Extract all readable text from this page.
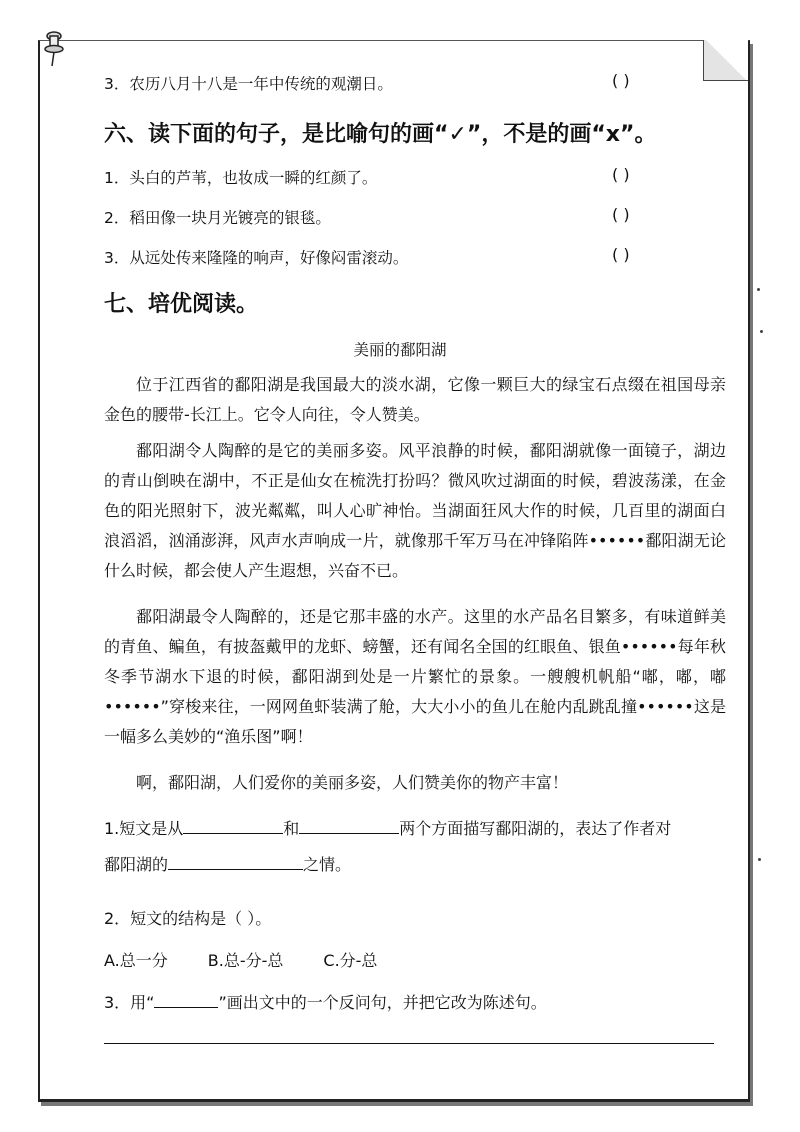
3．农历八月十八是一年中传统的观潮日。	( )
六、读下面的句子，是比喻句的画“✓”，不是的画“x”。
1．头白的芦苇，也妆成一瞬的红颜了。	( )
2．稻田像一块月光镀亮的银毯。	( )
3．从远处传来隆隆的响声，好像闷雷滚动。	( )
七、培优阅读。
美丽的鄱阳湖
位于江西省的鄱阳湖是我国最大的淡水湖，它像一颗巨大的绿宝石点缀在祖国母亲金色的腰带-长江上。它令人向往，令人赞美。
鄱阳湖令人陶醉的是它的美丽多姿。风平浪静的时候，鄱阳湖就像一面镜子，湖边的青山倒映在湖中，不正是仙女在梳洗打扮吗？微风吹过湖面的时候，碧波荡漾，在金色的阳光照射下，波光粼粼，叫人心旷神怡。当湖面狂风大作的时候，几百里的湖面白浪滔滔，汹涌澎湃，风声水声响成一片，就像那千军万马在冲锋陷阵••••••鄱阳湖无论什么时候，都会使人产生遐想，兴奋不已。
鄱阳湖最令人陶醉的，还是它那丰盛的水产。这里的水产品名目繁多，有味道鲜美的青鱼、鳊鱼，有披盔戴甲的龙虾、螃蟹，还有闻名全国的红眼鱼、银鱼••••••每年秋冬季节湖水下退的时候，鄱阳湖到处是一片繁忙的景象。一艘艘机帆船“嘟，嘟，嘟••••••”穿梭来往，一网网鱼虾装满了舱，大大小小的鱼儿在舱内乱跳乱撞••••••这是一幅多么美妙的“渔乐图”啊！
啊，鄱阳湖，人们爱你的美丽多姿，人们赞美你的物产丰富！
1.短文是从	和	两个方面描写鄱阳湖的，表达了作者对
鄱阳湖的	之情。
2．短文的结构是（ ）。
A.总一分	B.总-分-总	C.分-总
3．用“	”画出文中的一个反问句，并把它改为陈述句。
